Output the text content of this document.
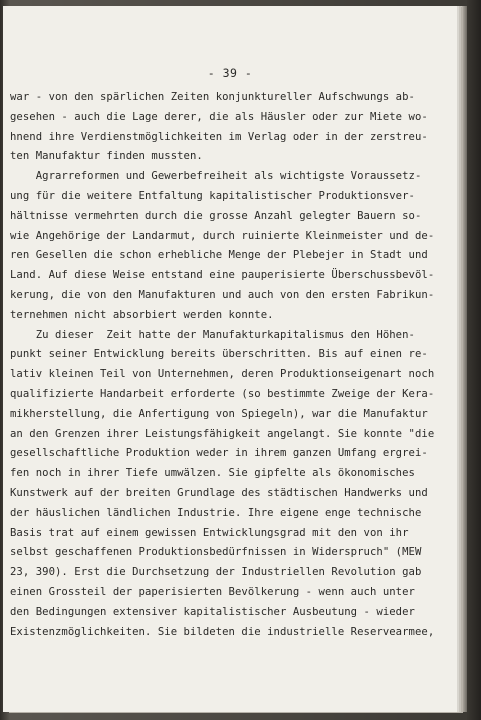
- 39 -
war - von den spärlichen Zeiten konjunktureller Aufschwungs ab-
gesehen - auch die Lage derer, die als Häusler oder zur Miete wo-
hnend ihre Verdienstmöglichkeiten im Verlag oder in der zerstreu-
ten Manufaktur finden mussten.
Agrarreformen und Gewerbefreiheit als wichtigste Voraussetz-
ung für die weitere Entfaltung kapitalistischer Produktionsver-
hältnisse vermehrten durch die grosse Anzahl gelegter Bauern so-
wie Angehörige der Landarmut, durch ruinierte Kleinmeister und de-
ren Gesellen die schon erhebliche Menge der Plebejer in Stadt und
Land. Auf diese Weise entstand eine pauperisierte Überschussbevöl-
kerung, die von den Manufakturen und auch von den ersten Fabrikun-
ternehmen nicht absorbiert werden konnte.
Zu dieser  Zeit hatte der Manufakturkapitalismus den Höhen-
punkt seiner Entwicklung bereits überschritten. Bis auf einen re-
lativ kleinen Teil von Unternehmen, deren Produktionseigenart noch
qualifizierte Handarbeit erforderte (so bestimmte Zweige der Kera-
mikherstellung, die Anfertigung von Spiegeln), war die Manufaktur
an den Grenzen ihrer Leistungsfähigkeit angelangt. Sie konnte "die
gesellschaftliche Produktion weder in ihrem ganzen Umfang ergrei-
fen noch in ihrer Tiefe umwälzen. Sie gipfelte als ökonomisches
Kunstwerk auf der breiten Grundlage des städtischen Handwerks und
der häuslichen ländlichen Industrie. Ihre eigene enge technische
Basis trat auf einem gewissen Entwicklungsgrad mit den von ihr
selbst geschaffenen Produktionsbedürfnissen in Widerspruch" (MEW
23, 390). Erst die Durchsetzung der Industriellen Revolution gab
einen Grossteil der paperisierten Bevölkerung - wenn auch unter
den Bedingungen extensiver kapitalistischer Ausbeutung - wieder
Existenzmöglichkeiten. Sie bildeten die industrielle Reservearmee,
